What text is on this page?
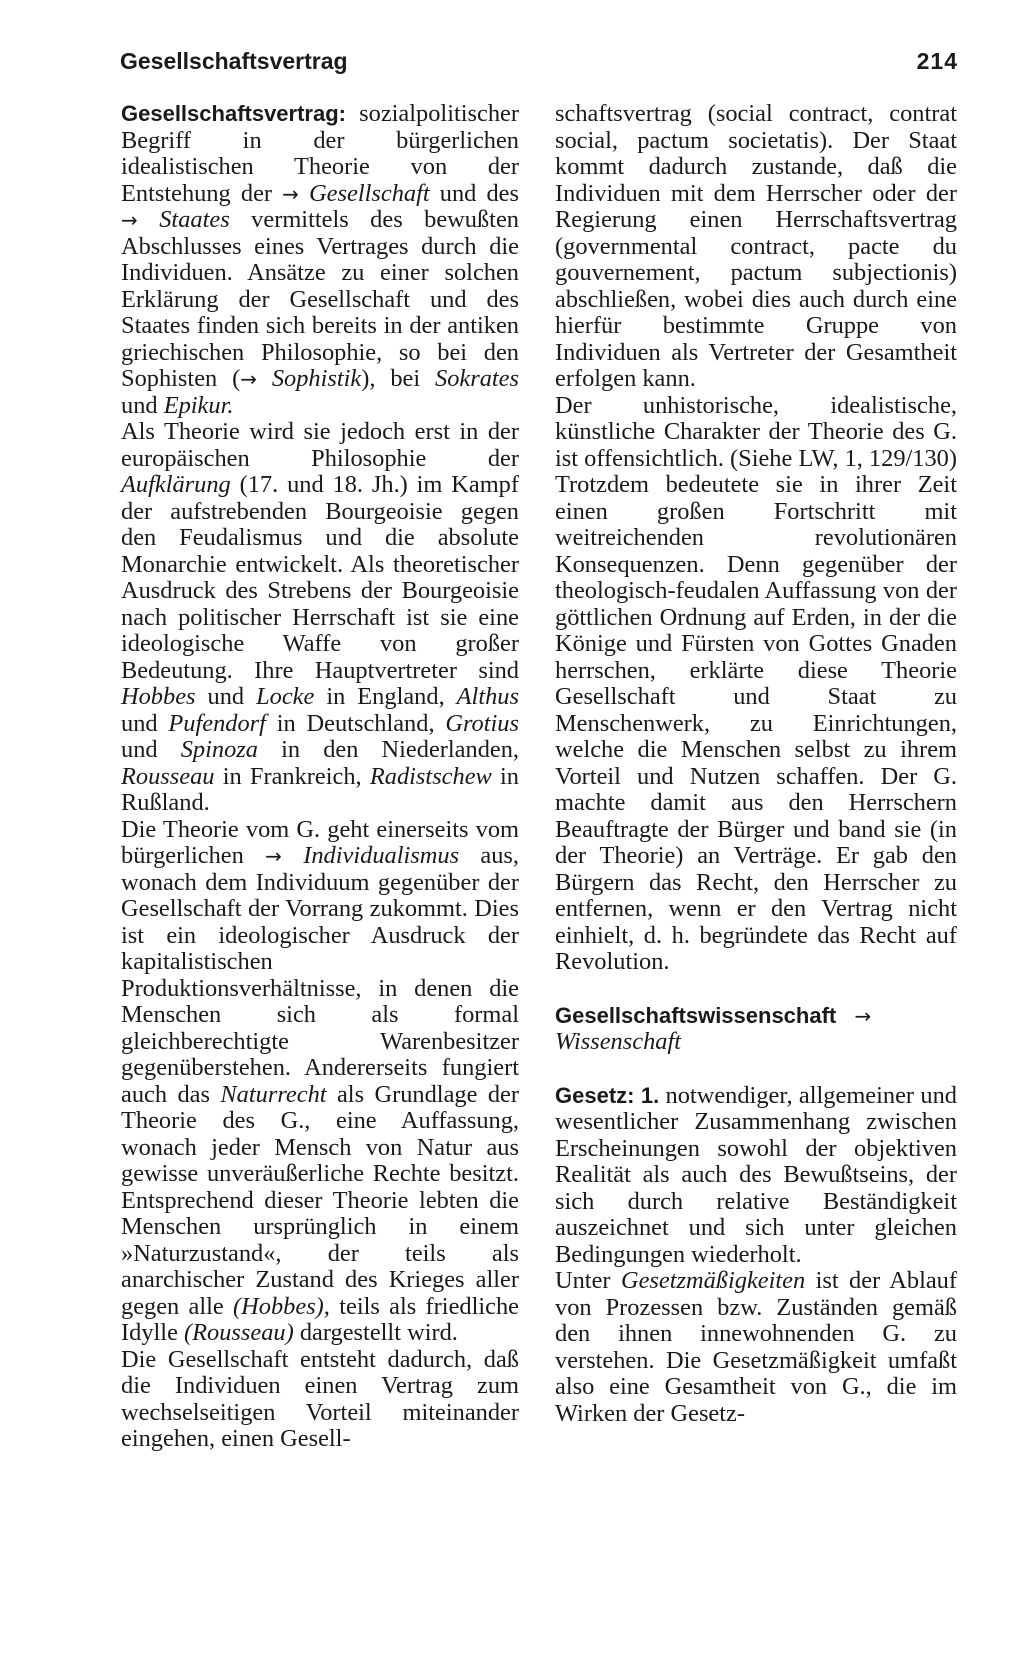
Gesellschaftsvertrag	214

Gesellschaftsvertrag: sozialpolitischer Begriff in der bürgerlichen idealistischen Theorie von der Entstehung der → Gesellschaft und des → Staates vermittels des bewußten Abschlusses eines Vertrages durch die Individuen. Ansätze zu einer solchen Erklärung der Gesellschaft und des Staates finden sich bereits in der antiken griechischen Philosophie, so bei den Sophisten (→ Sophistik), bei Sokrates und Epikur.

Als Theorie wird sie jedoch erst in der europäischen Philosophie der Aufklärung (17. und 18. Jh.) im Kampf der aufstrebenden Bourgeoisie gegen den Feudalismus und die absolute Monarchie entwickelt. Als theoretischer Ausdruck des Strebens der Bourgeoisie nach politischer Herrschaft ist sie eine ideologische Waffe von großer Bedeutung. Ihre Hauptvertreter sind Hobbes und Locke in England, Althus und Pufendorf in Deutschland, Grotius und Spinoza in den Niederlanden, Rousseau in Frankreich, Radistschew in Rußland.

Die Theorie vom G. geht einerseits vom bürgerlichen → Individualismus aus, wonach dem Individuum gegenüber der Gesellschaft der Vorrang zukommt. Dies ist ein ideologischer Ausdruck der kapitalistischen Produktionsverhältnisse, in denen die Menschen sich als formal gleichberechtigte Warenbesitzer gegenüberstehen. Andererseits fungiert auch das Naturrecht als Grundlage der Theorie des G., eine Auffassung, wonach jeder Mensch von Natur aus gewisse unveräußerliche Rechte besitzt. Entsprechend dieser Theorie lebten die Menschen ursprünglich in einem »Naturzustand«, der teils als anarchischer Zustand des Krieges aller gegen alle (Hobbes), teils als friedliche Idylle (Rousseau) dargestellt wird.

Die Gesellschaft entsteht dadurch, daß die Individuen einen Vertrag zum wechselseitigen Vorteil miteinander eingehen, einen Gesell-

schaftsvertrag (social contract, contrat social, pactum societatis). Der Staat kommt dadurch zustande, daß die Individuen mit dem Herrscher oder der Regierung einen Herrschaftsvertrag (governmental contract, pacte du gouvernement, pactum subjectionis) abschließen, wobei dies auch durch eine hierfür bestimmte Gruppe von Individuen als Vertreter der Gesamtheit erfolgen kann.

Der unhistorische, idealistische, künstliche Charakter der Theorie des G. ist offensichtlich. (Siehe LW, 1, 129/130) Trotzdem bedeutete sie in ihrer Zeit einen großen Fortschritt mit weitreichenden revolutionären Konsequenzen. Denn gegenüber der theologisch-feudalen Auffassung von der göttlichen Ordnung auf Erden, in der die Könige und Fürsten von Gottes Gnaden herrschen, erklärte diese Theorie Gesellschaft und Staat zu Menschenwerk, zu Einrichtungen, welche die Menschen selbst zu ihrem Vorteil und Nutzen schaffen. Der G. machte damit aus den Herrschern Beauftragte der Bürger und band sie (in der Theorie) an Verträge. Er gab den Bürgern das Recht, den Herrscher zu entfernen, wenn er den Vertrag nicht einhielt, d. h. begründete das Recht auf Revolution.

Gesellschaftswissenschaft →
Wissenschaft

Gesetz: 1. notwendiger, allgemeiner und wesentlicher Zusammenhang zwischen Erscheinungen sowohl der objektiven Realität als auch des Bewußtseins, der sich durch relative Beständigkeit auszeichnet und sich unter gleichen Bedingungen wiederholt.

Unter Gesetzmäßigkeiten ist der Ablauf von Prozessen bzw. Zuständen gemäß den ihnen innewohnenden G. zu verstehen. Die Gesetzmäßigkeit umfaßt also eine Gesamtheit von G., die im Wirken der Gesetz-
